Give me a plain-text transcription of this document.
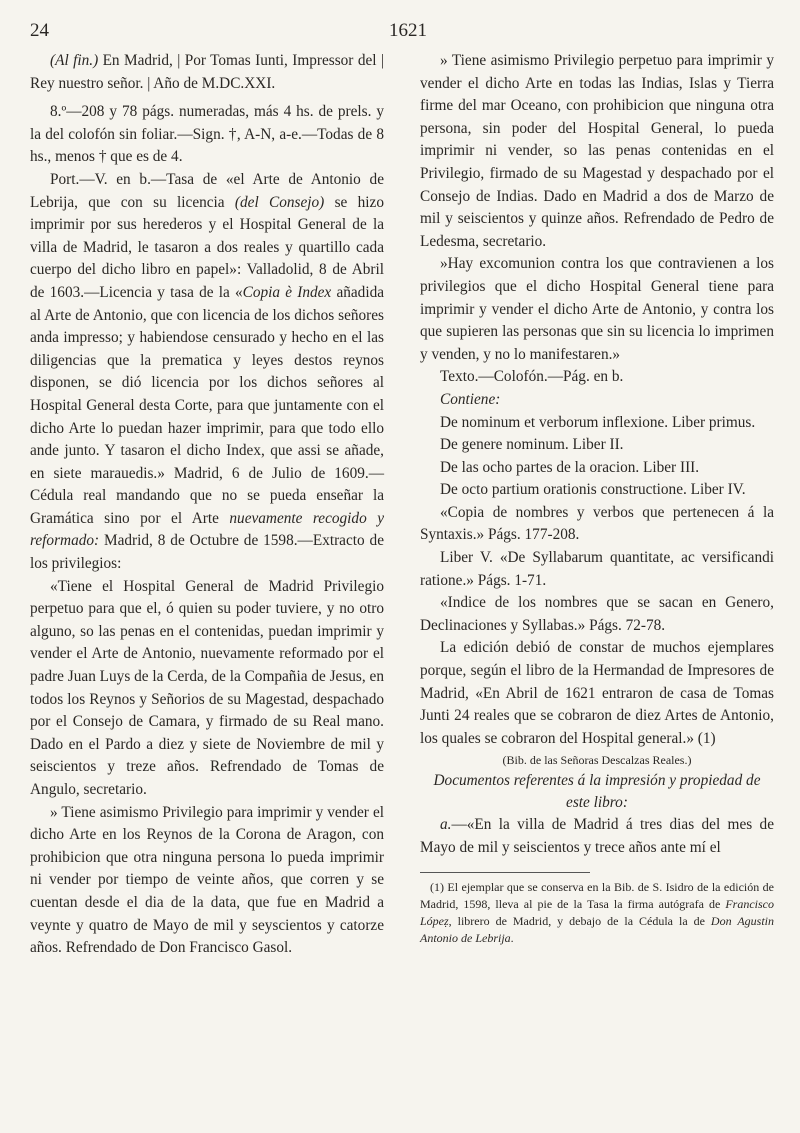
24	1621

(Al fin.) En Madrid, | Por Tomas Iunti, Impressor del | Rey nuestro señor. | Año de M.DC.XXI.

8.º—208 y 78 págs. numeradas, más 4 hs. de prels. y la del colofón sin foliar.—Sign. †, A-N, a-e.—Todas de 8 hs., menos † que es de 4.

Port.—V. en b.—Tasa de «el Arte de Antonio de Lebrija, que con su licencia (del Consejo) se hizo imprimir por sus herederos y el Hospital General de la villa de Madrid, le tasaron a dos reales y quartillo cada cuerpo del dicho libro en papel»: Valladolid, 8 de Abril de 1603.—Licencia y tasa de la «Copia è Index añadida al Arte de Antonio, que con licencia de los dichos señores anda impresso; y habiendose censurado y hecho en el las diligencias que la prematica y leyes destos reynos disponen, se dió licencia por los dichos señores al Hospital General desta Corte, para que juntamente con el dicho Arte lo puedan hazer imprimir, para que todo ello ande junto. Y tasaron el dicho Index, que assi se añade, en siete marauedis.» Madrid, 6 de Julio de 1609.—Cédula real mandando que no se pueda enseñar la Gramática sino por el Arte nuevamente recogido y reformado: Madrid, 8 de Octubre de 1598.—Extracto de los privilegios:

«Tiene el Hospital General de Madrid Privilegio perpetuo para que el, ó quien su poder tuviere, y no otro alguno, so las penas en el contenidas, puedan imprimir y vender el Arte de Antonio, nuevamente reformado por el padre Juan Luys de la Cerda, de la Compañia de Jesus, en todos los Reynos y Señorios de su Magestad, despachado por el Consejo de Camara, y firmado de su Real mano. Dado en el Pardo a diez y siete de Noviembre de mil y seiscientos y treze años. Refrendado de Tomas de Angulo, secretario.

» Tiene asimismo Privilegio para imprimir y vender el dicho Arte en los Reynos de la Corona de Aragon, con prohibicion que otra ninguna persona lo pueda imprimir ni vender por tiempo de veinte años, que corren y se cuentan desde el dia de la data, que fue en Madrid a veynte y quatro de Mayo de mil y seyscientos y catorze años. Refrendado de Don Francisco Gasol.

» Tiene asimismo Privilegio perpetuo para imprimir y vender el dicho Arte en todas las Indias, Islas y Tierra firme del mar Oceano, con prohibicion que ninguna otra persona, sin poder del Hospital General, lo pueda imprimir ni vender, so las penas contenidas en el Privilegio, firmado de su Magestad y despachado por el Consejo de Indias. Dado en Madrid a dos de Marzo de mil y seiscientos y quinze años. Refrendado de Pedro de Ledesma, secretario.

»Hay excomunion contra los que contravienen a los privilegios que el dicho Hospital General tiene para imprimir y vender el dicho Arte de Antonio, y contra los que supieren las personas que sin su licencia lo imprimen y venden, y no lo manifestaren.»

Texto.—Colofón.—Pág. en b.

Contiene:

De nominum et verborum inflexione. Liber primus.

De genere nominum. Liber II.

De las ocho partes de la oracion. Liber III.

De octo partium orationis constructione. Liber IV.

«Copia de nombres y verbos que pertenecen á la Syntaxis.» Págs. 177-208.

Liber V. «De Syllabarum quantitate, ac versificandi ratione.» Págs. 1-71.

«Indice de los nombres que se sacan en Genero, Declinaciones y Syllabas.» Págs. 72-78.

La edición debió de constar de muchos ejemplares porque, según el libro de la Hermandad de Impresores de Madrid, «En Abril de 1621 entraron de casa de Tomas Junti 24 reales que se cobraron de diez Artes de Antonio, los quales se cobraron del Hospital general.» (1)

(Bib. de las Señoras Descalzas Reales.)

Documentos referentes á la impresión y propiedad de este libro:

a.—«En la villa de Madrid á tres dias del mes de Mayo de mil y seiscientos y trece años ante mí el

(1) El ejemplar que se conserva en la Bib. de S. Isidro de la edición de Madrid, 1598, lleva al pie de la Tasa la firma autógrafa de Francisco Lópeẓ, librero de Madrid, y debajo de la Cédula la de Don Agustin Antonio de Lebrija.
